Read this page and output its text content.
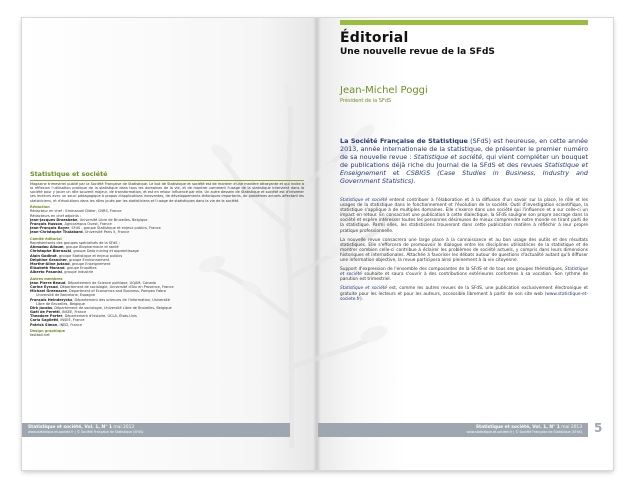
Statistique et société
Magazine trimestriel publié par la Société Française de Statistique. Le but de Statistique et société est de montrer d'une manière attrayante et qui invite à la réflexion l'utilisation pratique de la statistique dans tous les domaines de la vie, et de montrer comment l'usage de la statistique intervient dans la société pour y jouer un rôle souvent majeur, de transformation, et est en retour influencé par elle. Un autre dessein de Statistique et société est d'informer ses lecteurs avec un souci pédagogique à propos d'applications innovantes, de développements théoriques importants, de problèmes actuels affectant les statisticiens, et d'évolutions dans les rôles joués par les statisticiens et l'usage de statistiques dans la vie de la société.
Rédaction
Rédacteur en chef : Emmanuel Didier, CNRS, France
Rédacteurs en chef adjoints :
Jean-Jacques Droesbeke, Université Libre de Bruxelles, Belgique
François Husson, Agrocampus Ouest, France
Jean-François Royer, SFdS - groupe Statistique et enjeux publics, France
Jean-Christophe Thalabard, Université Paris 5, France
Comité éditorial
Représentants des groupes spécialisés de la SFdS :
Ahmadou Alioum, groupe Biopharmacie et santé
Christophe Biernacki, groupe Data mining et apprentissage
Alain Godinot, groupe Statistique et enjeux publics
Delphine Grancher, groupe Environnement
Marthe-Aline Jutand, groupe Enseignement
Elisabeth Morand, groupe Enquêtes
Alberto Pasanisi, groupe Industrie
Autres membres
Jean Pierre Beaud, Département de Science politique, UQAM, Canada
Corine Eyraud, Département de sociologie, Université d'Aix en Provence, France
Michael Greenacre, Department of Economics and Business, Pompeu Fabra
Université de Barcelone, Espagne
François Heinderyckx, Département des sciences de l'information, Université
Libre de Bruxelles, Belgique
Dirk Jacobs, Département de sociologie, Université Libre de Bruxelles, Belgique
Gaël de Peretti, INSEE, France
Theodore Porter, Département d'histoire, UCLA, États-Unis
Carla Saglietti, INSEE, France
Patrick Simon, INED, France
Design graphique
fastboil.net
Éditorial
Une nouvelle revue de la SFdS
Jean-Michel Poggi
Président de la SFdS
La Société Française de Statistique (SFdS) est heureuse, en cette année 2013, année internationale de la statistique, de présenter le premier numéro de sa nouvelle revue : Statistique et société, qui vient compléter un bouquet de publications déjà riche du Journal de la SFdS et des revues Statistique et Enseignement et CSBIGS (Case Studies in Business, Industry and Government Statistics).

Statistique et société entend contribuer à l'élaboration et à la diffusion d'un savoir sur la place, le rôle et les usages de la statistique dans le fonctionnement et l'évolution de la société. Outil d'investigation scientifique, la statistique s'applique à de multiples domaines. Elle s'exerce dans une société qui l'influence et a sur celle-ci un impact en retour. En consacrant une publication à cette dialectique, la SFdS souligne son propre ancrage dans la société et espère intéresser toutes les personnes désireuses de mieux comprendre notre monde en tirant parti de la statistique. Parmi elles, les statisticiens trouveront dans cette publication matière à réfléchir à leur propre pratique professionnelle.

La nouvelle revue consacrera une large place à la connaissance et au bon usage des outils et des résultats statistiques. Elle s'efforcera de promouvoir le dialogue entre les disciplines utilisatrices de la statistique et de montrer combien celle-ci contribue à éclairer les problèmes de société actuels, y compris dans leurs dimensions historiques et internationales. Attachée à favoriser les débats autour de questions d'actualité autant qu'à diffuser une information objective, la revue participera ainsi pleinement à la vie citoyenne.

Support d'expression de l'ensemble des composantes de la SFdS et de tous ses groupes thématiques, Statistique et société souhaite et saura s'ouvrir à des contributions extérieures conformes à sa vocation. Son rythme de parution est trimestriel.

Statistique et société est, comme les autres revues de la SFdS, une publication exclusivement électronique et gratuite pour les lecteurs et pour les auteurs, accessible librement à partir de son site web (www.statistique-et-societe.fr).

Statistique et société, Vol. 1, N° 1 mai 2013
www.statistique-et-societe.fr | © Société Française de Statistique (SFdS)
Statistique et société, Vol. 1, N° 1 mai 2013
www.statistique-et-societe.fr | © Société Française de Statistique (SFdS) 5
